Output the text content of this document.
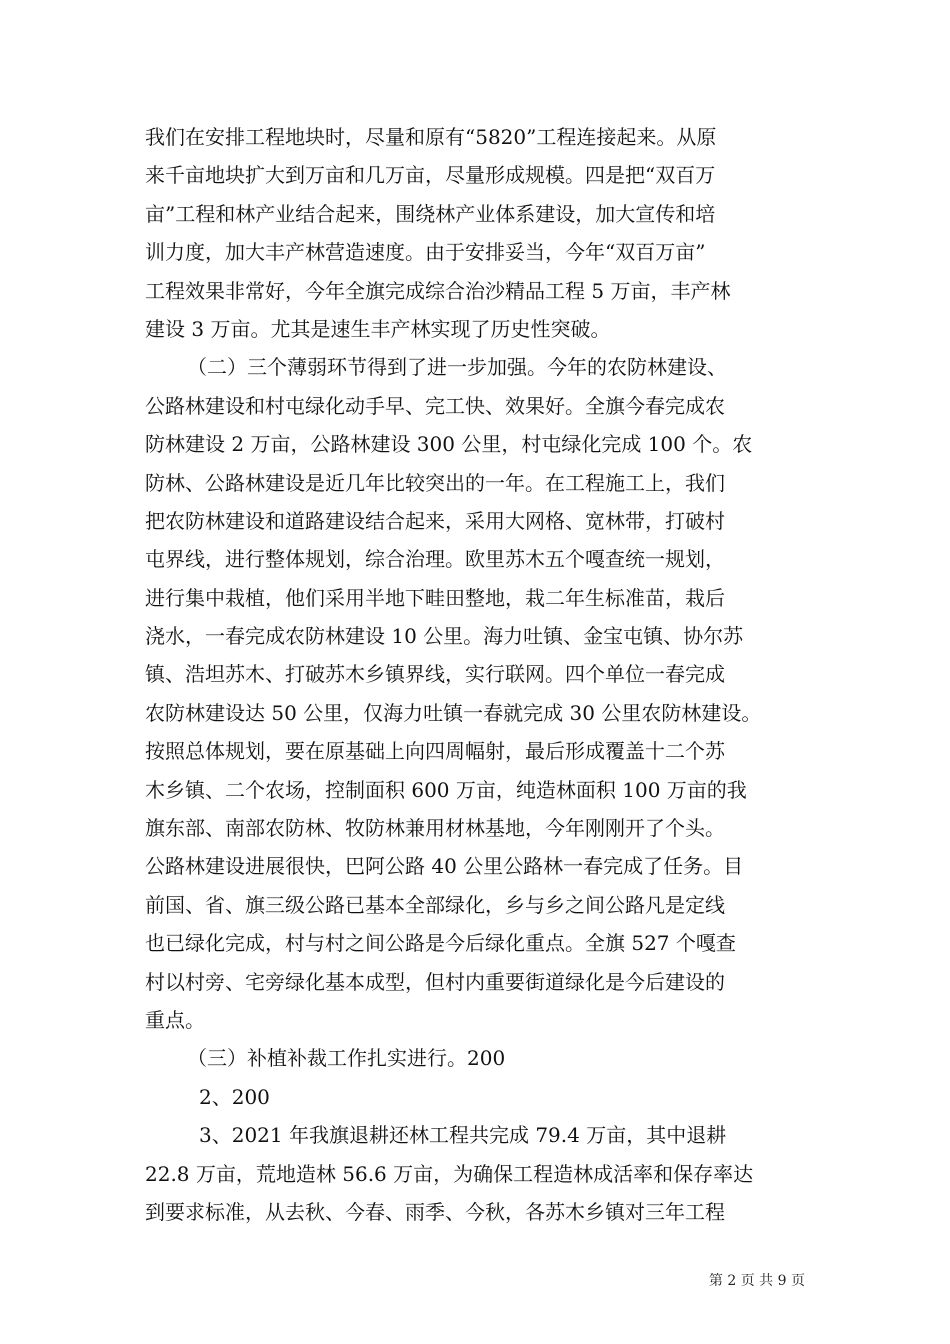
我们在安排工程地块时，尽量和原有“5820”工程连接起来。从原
来千亩地块扩大到万亩和几万亩，尽量形成规模。四是把“双百万
亩”工程和林产业结合起来，围绕林产业体系建设，加大宣传和培
训力度，加大丰产林营造速度。由于安排妥当，今年“双百万亩”
工程效果非常好，今年全旗完成综合治沙精品工程 5 万亩，丰产林
建设 3 万亩。尤其是速生丰产林实现了历史性突破。
（二）三个薄弱环节得到了进一步加强。今年的农防林建设、
公路林建设和村屯绿化动手早、完工快、效果好。全旗今春完成农
防林建设 2 万亩，公路林建设 300 公里，村屯绿化完成 100 个。农
防林、公路林建设是近几年比较突出的一年。在工程施工上，我们
把农防林建设和道路建设结合起来，采用大网格、宽林带，打破村
屯界线，进行整体规划，综合治理。欧里苏木五个嘎查统一规划，
进行集中栽植，他们采用半地下畦田整地，栽二年生标准苗，栽后
浇水，一春完成农防林建设 10 公里。海力吐镇、金宝屯镇、协尔苏
镇、浩坦苏木、打破苏木乡镇界线，实行联网。四个单位一春完成
农防林建设达 50 公里，仅海力吐镇一春就完成 30 公里农防林建设。
按照总体规划，要在原基础上向四周幅射，最后形成覆盖十二个苏
木乡镇、二个农场，控制面积 600 万亩，纯造林面积 100 万亩的我
旗东部、南部农防林、牧防林兼用材林基地，今年刚刚开了个头。
公路林建设进展很快，巴阿公路 40 公里公路林一春完成了任务。目
前国、省、旗三级公路已基本全部绿化，乡与乡之间公路凡是定线
也已绿化完成，村与村之间公路是今后绿化重点。全旗 527 个嘎查
村以村旁、宅旁绿化基本成型，但村内重要街道绿化是今后建设的
重点。
（三）补植补裁工作扎实进行。200
2、200
3、2021 年我旗退耕还林工程共完成 79.4 万亩，其中退耕
22.8 万亩，荒地造林 56.6 万亩，为确保工程造林成活率和保存率达
到要求标准，从去秋、今春、雨季、今秋，各苏木乡镇对三年工程
第 2 页 共 9 页
